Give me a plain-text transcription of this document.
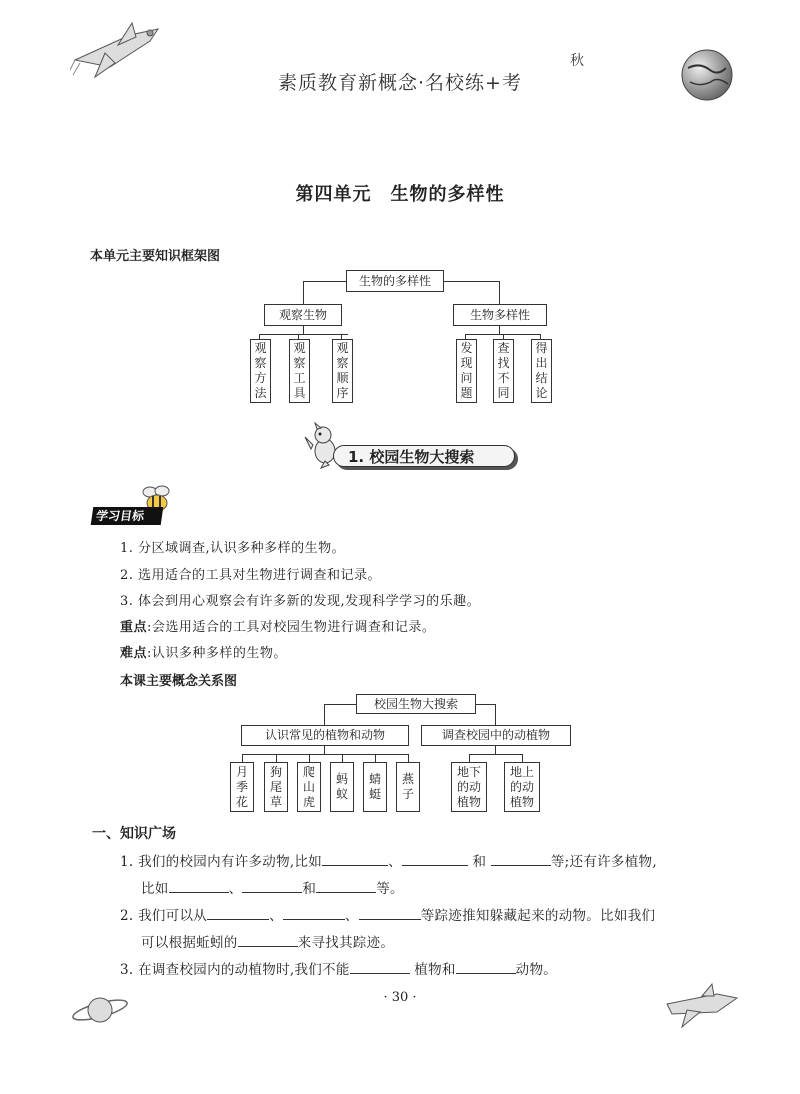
素质教育新概念·名校练+考
秋
第四单元　生物的多样性
本单元主要知识框架图
生物的多样性
观察生物	生物多样性
观
察
方
法
观
察
工
具
观
察
顺
序
发
现
问
题
查
找
不
同
得
出
结
论
1. 校园生物大搜索
学习目标
1. 分区域调查,认识多种多样的生物。
2. 选用适合的工具对生物进行调查和记录。
3. 体会到用心观察会有许多新的发现,发现科学学习的乐趣。
重点:会选用适合的工具对校园生物进行调查和记录。
难点:认识多种多样的生物。
本课主要概念关系图
校园生物大搜索
认识常见的植物和动物	调查校园中的动植物
月
季
花
狗
尾
草
爬
山
虎
蚂
蚁
蜻
蜓
燕
子
地下
的动
植物
地上
的动
植物
一、知识广场
1. 我们的校园内有许多动物,比如	、	和	等;还有许多植物,
比如	、	和	等。
2. 我们可以从	、	、	等踪迹推知躲藏起来的动物。比如我们
可以根据蚯蚓的	来寻找其踪迹。
3. 在调查校园内的动植物时,我们不能	植物和	动物。
· 30 ·
